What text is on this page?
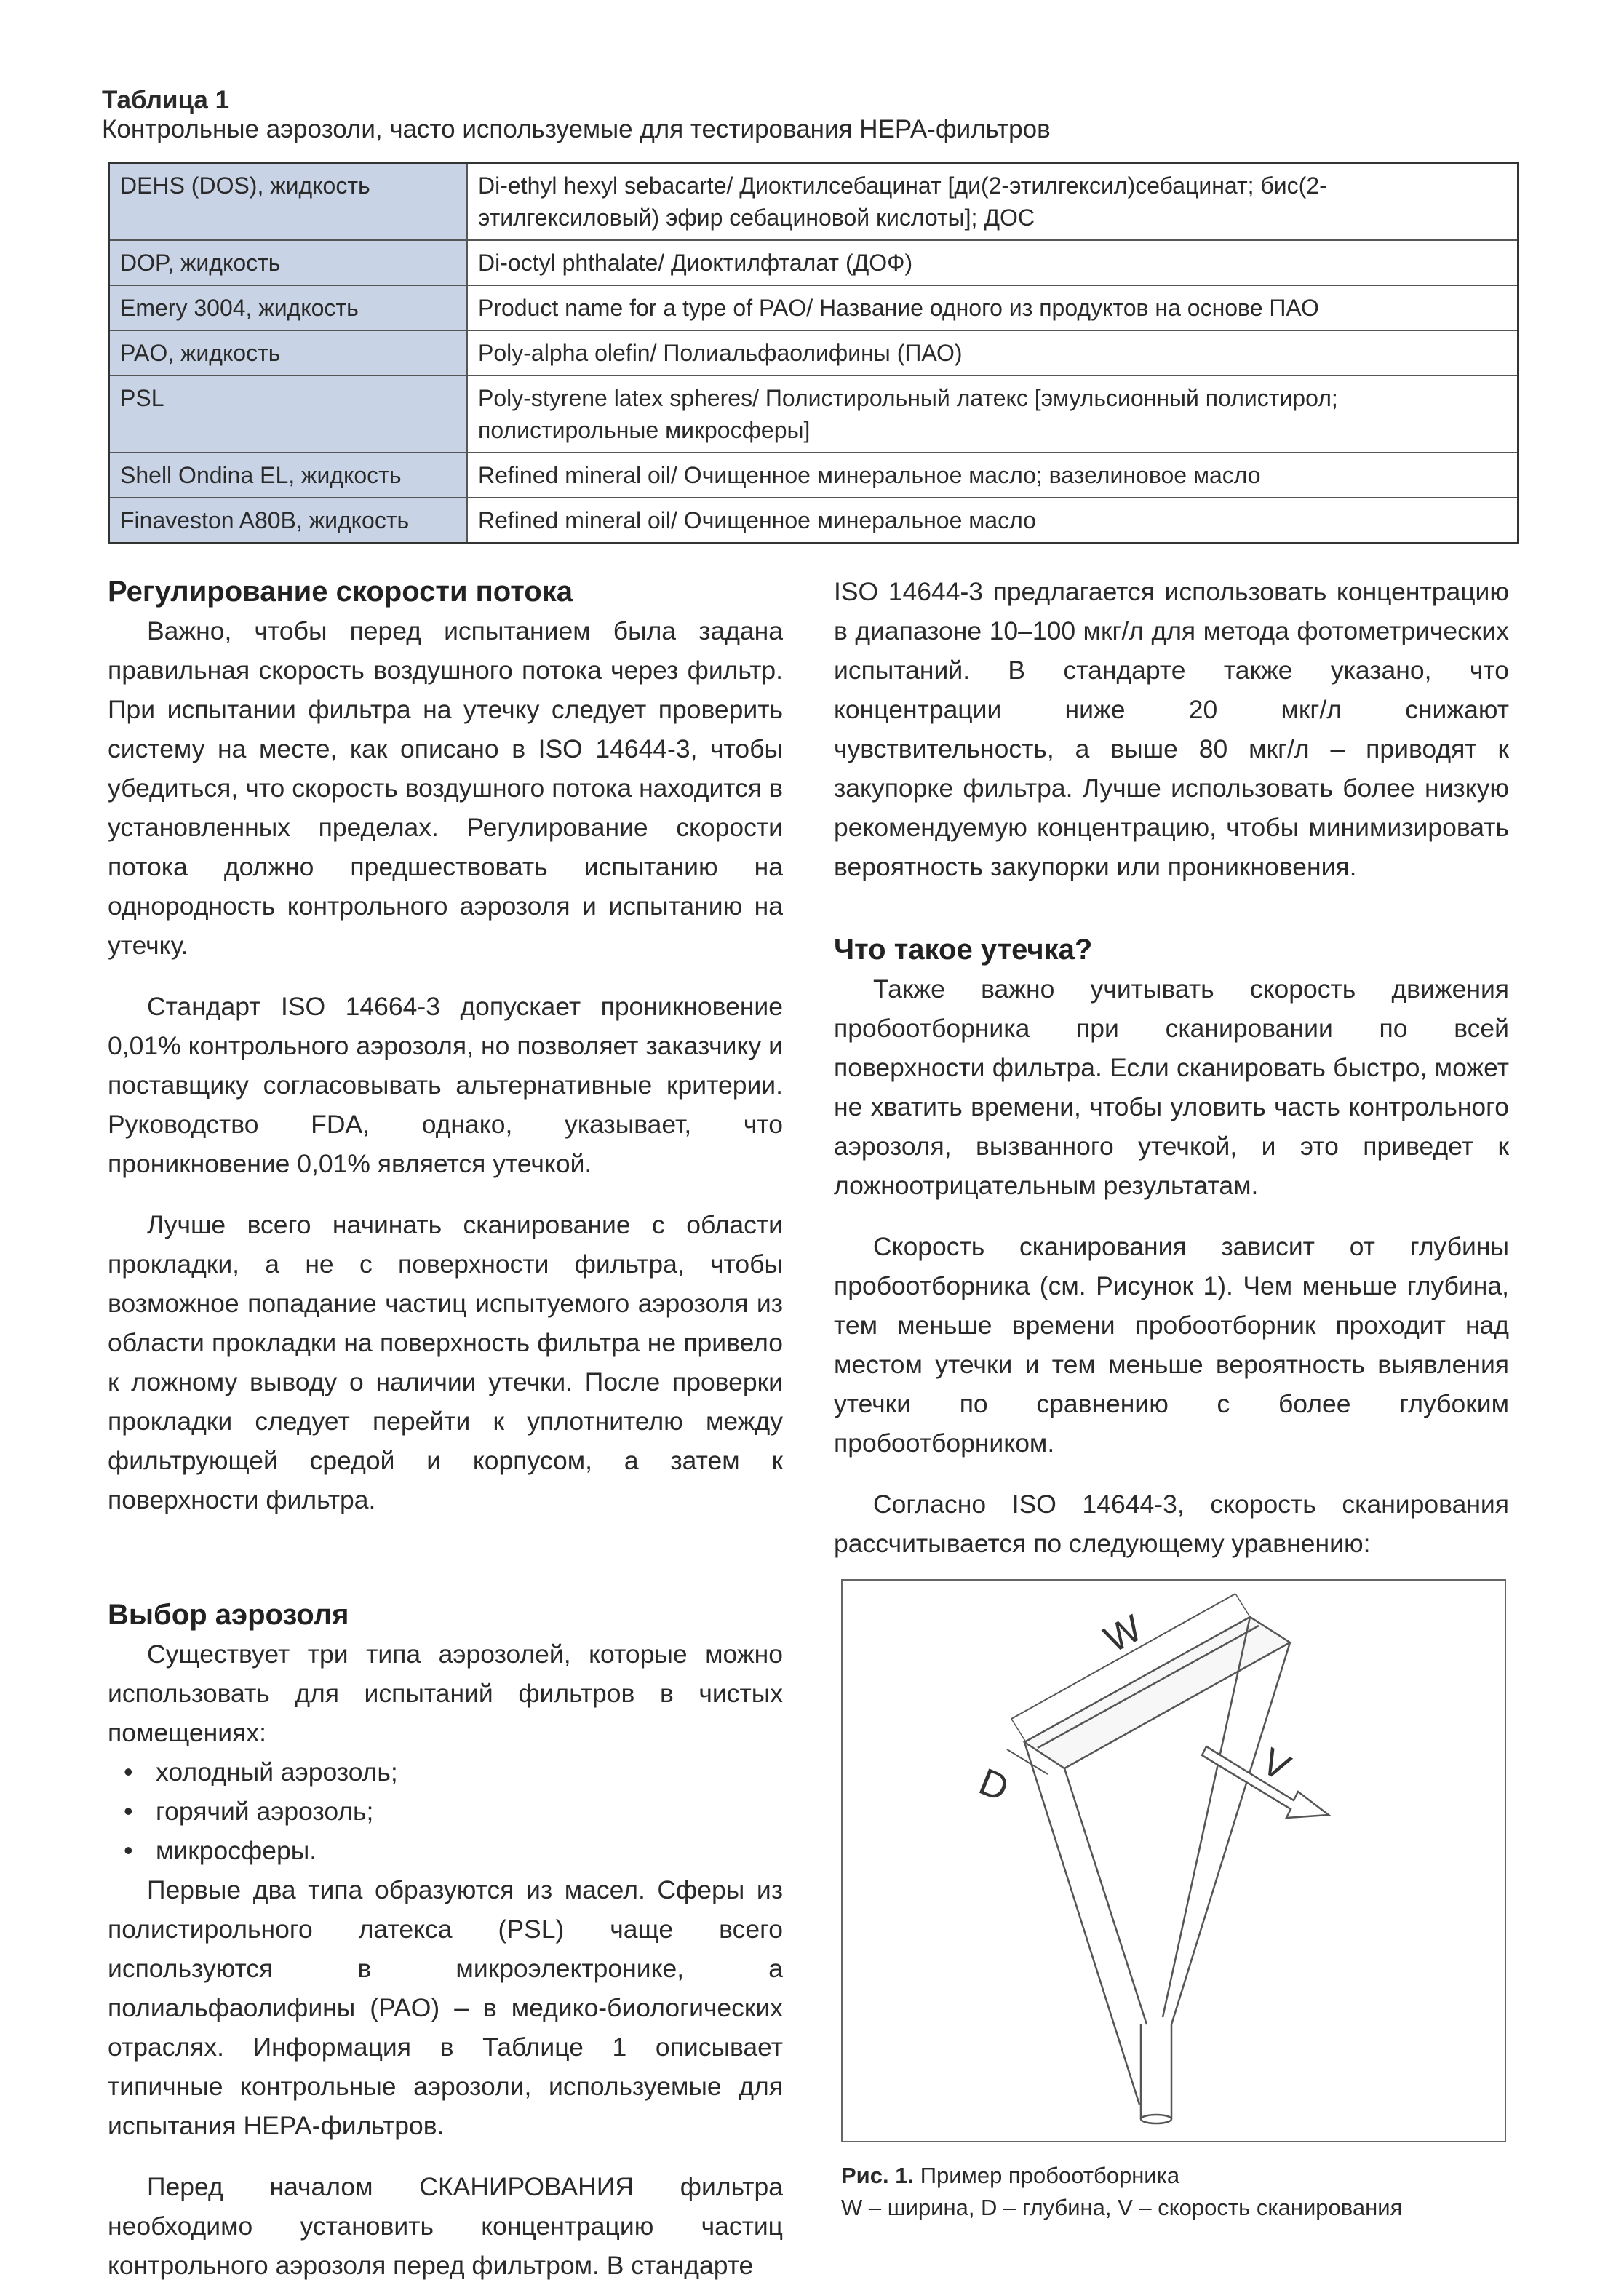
Таблица 1
Контрольные аэрозоли, часто используемые для тестирования НЕРА-фильтров
DEHS (DOS), жидкость	Di-ethyl hexyl sebacarte/ Диоктилсебацинат [ди(2-этилгексил)себацинат; бис(2-этилгексиловый) эфир себациновой кислоты]; ДОС
DOP, жидкость	Di-octyl phthalate/ Диоктилфталат (ДОФ)
Emery 3004, жидкость	Product name for a type of PAO/ Название одного из продуктов на основе ПАО
PAO, жидкость	Poly-alpha olefin/ Полиальфаолифины (ПАО)
PSL	Poly-styrene latex spheres/ Полистирольный латекс [эмульсионный полистирол; полистирольные микросферы]
Shell Ondina EL, жидкость	Refined mineral oil/ Очищенное минеральное масло; вазелиновое масло
Finaveston A80B, жидкость	Refined mineral oil/ Очищенное минеральное масло
Регулирование скорости потока

Важно, чтобы перед испытанием была задана правильная скорость воздушного потока через фильтр. При испытании фильтра на утечку следует проверить систему на месте, как описано в ISO 14644-3, чтобы убедиться, что скорость воздушного потока находится в установленных пределах. Регулирование скорости потока должно предшествовать испытанию на однородность контрольного аэрозоля и испытанию на утечку.

Стандарт ISO 14664-3 допускает проникновение 0,01% контрольного аэрозоля, но позволяет заказчику и поставщику согласовывать альтернативные критерии. Руководство FDA, однако, указывает, что проникновение 0,01% является утечкой.

Лучше всего начинать сканирование с области прокладки, а не с поверхности фильтра, чтобы возможное попадание частиц испытуемого аэрозоля из области прокладки на поверхность фильтра не привело к ложному выводу о наличии утечки. После проверки прокладки следует перейти к уплотнителю между фильтрующей средой и корпусом, а затем к поверхности фильтра.

Выбор аэрозоля

Существует три типа аэрозолей, которые можно использовать для испытаний фильтров в чистых помещениях:

• холодный аэрозоль;
• горячий аэрозоль;
• микросферы.

Первые два типа образуются из масел. Сферы из полистирольного латекса (PSL) чаще всего используются в микроэлектронике, а полиальфаолифины (PAO) – в медико-биологических отраслях. Информация в Таблице 1 описывает типичные контрольные аэрозоли, используемые для испытания НЕРА-фильтров.

Перед началом СКАНИРОВАНИЯ фильтра необходимо установить концентрацию частиц контрольного аэрозоля перед фильтром. В стандарте

ISO 14644-3 предлагается использовать концентрацию в диапазоне 10–100 мкг/л для метода фотометрических испытаний. В стандарте также указано, что концентрации ниже 20 мкг/л снижают чувствительность, а выше 80 мкг/л – приводят к закупорке фильтра. Лучше использовать более низкую рекомендуемую концентрацию, чтобы минимизировать вероятность закупорки или проникновения.

Что такое утечка?

Также важно учитывать скорость движения пробоотборника при сканировании по всей поверхности фильтра. Если сканировать быстро, может не хватить времени, чтобы уловить часть контрольного аэрозоля, вызванного утечкой, и это приведет к ложноотрицательным результатам.

Скорость сканирования зависит от глубины пробоотборника (см. Рисунок 1). Чем меньше глубина, тем меньше времени пробоотборник проходит над местом утечки и тем меньше вероятность выявления утечки по сравнению с более глубоким пробоотборником.

Согласно ISO 14644-3, скорость сканирования рассчитывается по следующему уравнению:

W
D	V
Рис. 1. Пример пробоотборника
W – ширина, D – глубина, V – скорость сканирования
